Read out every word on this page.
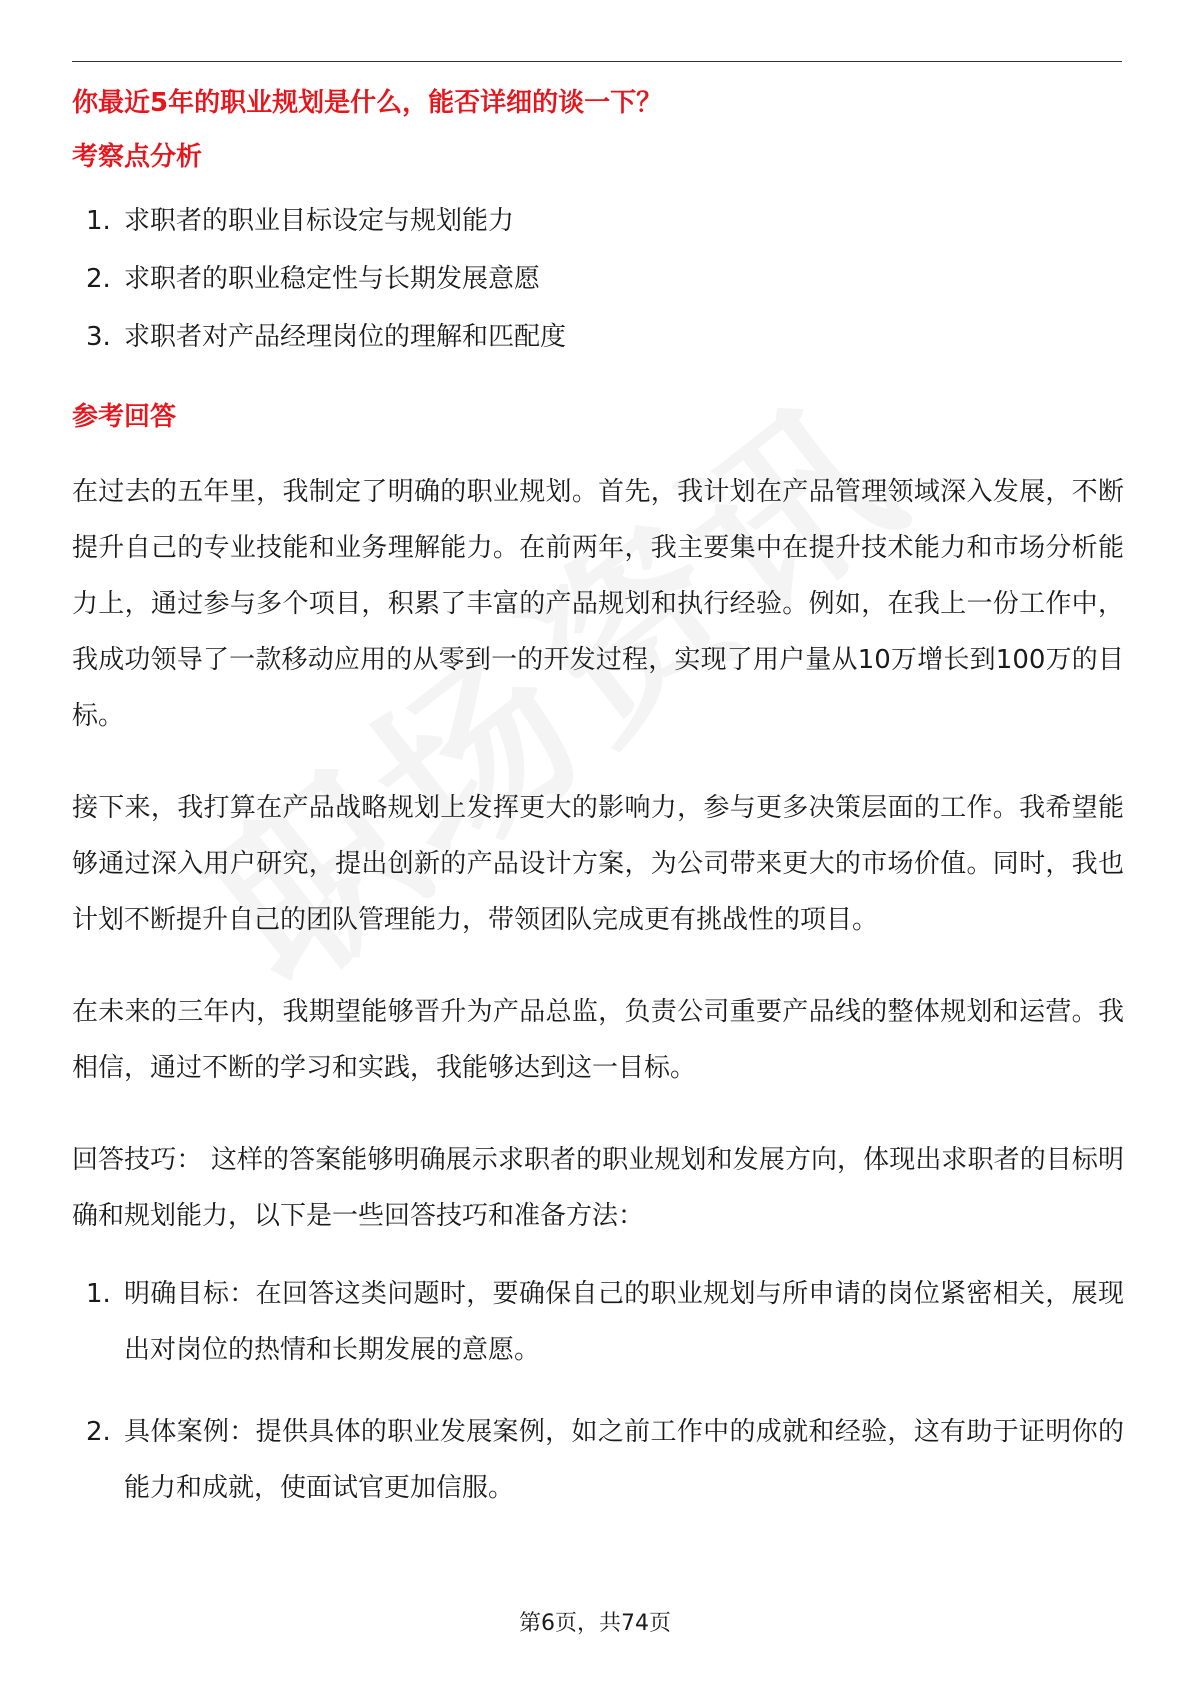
你最近5年的职业规划是什么，能否详细的谈一下？
考察点分析
1. 求职者的职业目标设定与规划能力
2. 求职者的职业稳定性与长期发展意愿
3. 求职者对产品经理岗位的理解和匹配度
参考回答

在过去的五年里，我制定了明确的职业规划。首先，我计划在产品管理领域深入发展，不断提升自己的专业技能和业务理解能力。在前两年，我主要集中在提升技术能力和市场分析能力上，通过参与多个项目，积累了丰富的产品规划和执行经验。例如，在我上一份工作中，我成功领导了一款移动应用的从零到一的开发过程，实现了用户量从10万增长到100万的目标。

接下来，我打算在产品战略规划上发挥更大的影响力，参与更多决策层面的工作。我希望能够通过深入用户研究，提出创新的产品设计方案，为公司带来更大的市场价值。同时，我也计划不断提升自己的团队管理能力，带领团队完成更有挑战性的项目。

在未来的三年内，我期望能够晋升为产品总监，负责公司重要产品线的整体规划和运营。我相信，通过不断的学习和实践，我能够达到这一目标。

回答技巧： 这样的答案能够明确展示求职者的职业规划和发展方向，体现出求职者的目标明确和规划能力，以下是一些回答技巧和准备方法：

1. 明确目标：在回答这类问题时，要确保自己的职业规划与所申请的岗位紧密相关，展现出对岗位的热情和长期发展的意愿。
2. 具体案例：提供具体的职业发展案例，如之前工作中的成就和经验，这有助于证明你的能力和成就，使面试官更加信服。
第6页，共74页
